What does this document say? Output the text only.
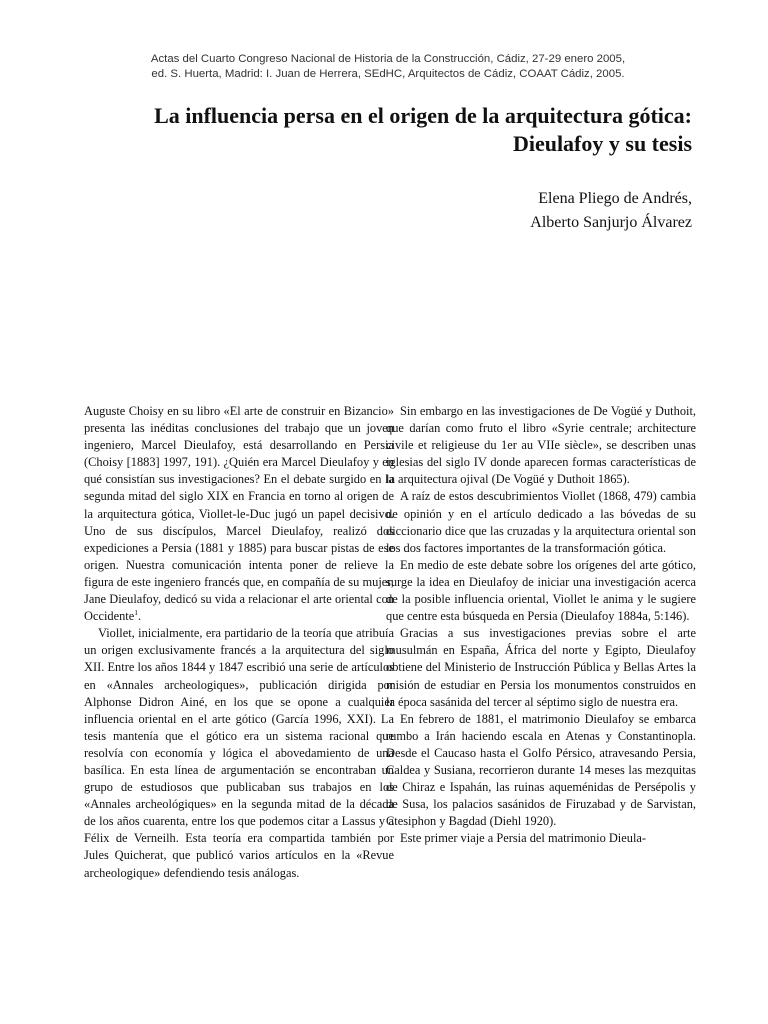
Actas del Cuarto Congreso Nacional de Historia de la Construcción, Cádiz, 27-29 enero 2005,
ed. S. Huerta, Madrid: I. Juan de Herrera, SEdHC, Arquitectos de Cádiz, COAAT Cádiz, 2005.
La influencia persa en el origen de la arquitectura gótica:
Dieulafoy y su tesis
Elena Pliego de Andrés,
Alberto Sanjurjo Álvarez

Auguste Choisy en su libro «El arte de construir en Bizancio» presenta las inéditas conclusiones del trabajo que un joven ingeniero, Marcel Dieulafoy, está desarrollando en Persia (Choisy [1883] 1997, 191). ¿Quién era Marcel Dieulafoy y en qué consistían sus investigaciones? En el debate surgido en la segunda mitad del siglo XIX en Francia en torno al origen de la arquitectura gótica, Viollet-le-Duc jugó un papel decisivo. Uno de sus discípulos, Marcel Dieulafoy, realizó dos expediciones a Persia (1881 y 1885) para buscar pistas de ese origen. Nuestra comunicación intenta poner de relieve la figura de este ingeniero francés que, en compañía de su mujer, Jane Dieulafoy, dedicó su vida a relacionar el arte oriental con Occidente$^1$.

Viollet, inicialmente, era partidario de la teoría que atribuía un origen exclusivamente francés a la arquitectura del siglo XII. Entre los años 1844 y 1847 escribió una serie de artículos en «Annales archeologiques», publicación dirigida por Alphonse Didron Ainé, en los que se opone a cualquier influencia oriental en el arte gótico (García 1996, XXI). La tesis mantenía que el gótico era un sistema racional que resolvía con economía y lógica el abovedamiento de una basílica. En esta línea de argumentación se encontraban un grupo de estudiosos que publicaban sus trabajos en los «Annales archeológiques» en la segunda mitad de la década de los años cuarenta, entre los que podemos citar a Lassus y a Félix de Verneilh. Esta teoría era compartida también por Jules Quicherat, que publicó varios artículos en la «Revue archeologique» defendiendo tesis análogas.

Sin embargo en las investigaciones de De Vogüé y Duthoit, que darían como fruto el libro «Syrie centrale; architecture civile et religieuse du 1er au VIIe siècle», se describen unas iglesias del siglo IV donde aparecen formas características de la arquitectura ojival (De Vogüé y Duthoit 1865).

A raíz de estos descubrimientos Viollet (1868, 479) cambia de opinión y en el artículo dedicado a las bóvedas de su diccionario dice que las cruzadas y la arquitectura oriental son los dos factores importantes de la transformación gótica.

En medio de este debate sobre los orígenes del arte gótico, surge la idea en Dieulafoy de iniciar una investigación acerca de la posible influencia oriental, Viollet le anima y le sugiere que centre esta búsqueda en Persia (Dieulafoy 1884a, 5:146).

Gracias a sus investigaciones previas sobre el arte musulmán en España, África del norte y Egipto, Dieulafoy obtiene del Ministerio de Instrucción Pública y Bellas Artes la misión de estudiar en Persia los monumentos construidos en la época sasánida del tercer al séptimo siglo de nuestra era.

En febrero de 1881, el matrimonio Dieulafoy se embarca rumbo a Irán haciendo escala en Atenas y Constantinopla. Desde el Caucaso hasta el Golfo Pérsico, atravesando Persia, Caldea y Susiana, recorrieron durante 14 meses las mezquitas de Chiraz e Ispahán, las ruinas aqueménidas de Persépolis y de Susa, los palacios sasánidos de Firuzabad y de Sarvistan, Ctesiphon y Bagdad (Diehl 1920).

Este primer viaje a Persia del matrimonio Dieula-
